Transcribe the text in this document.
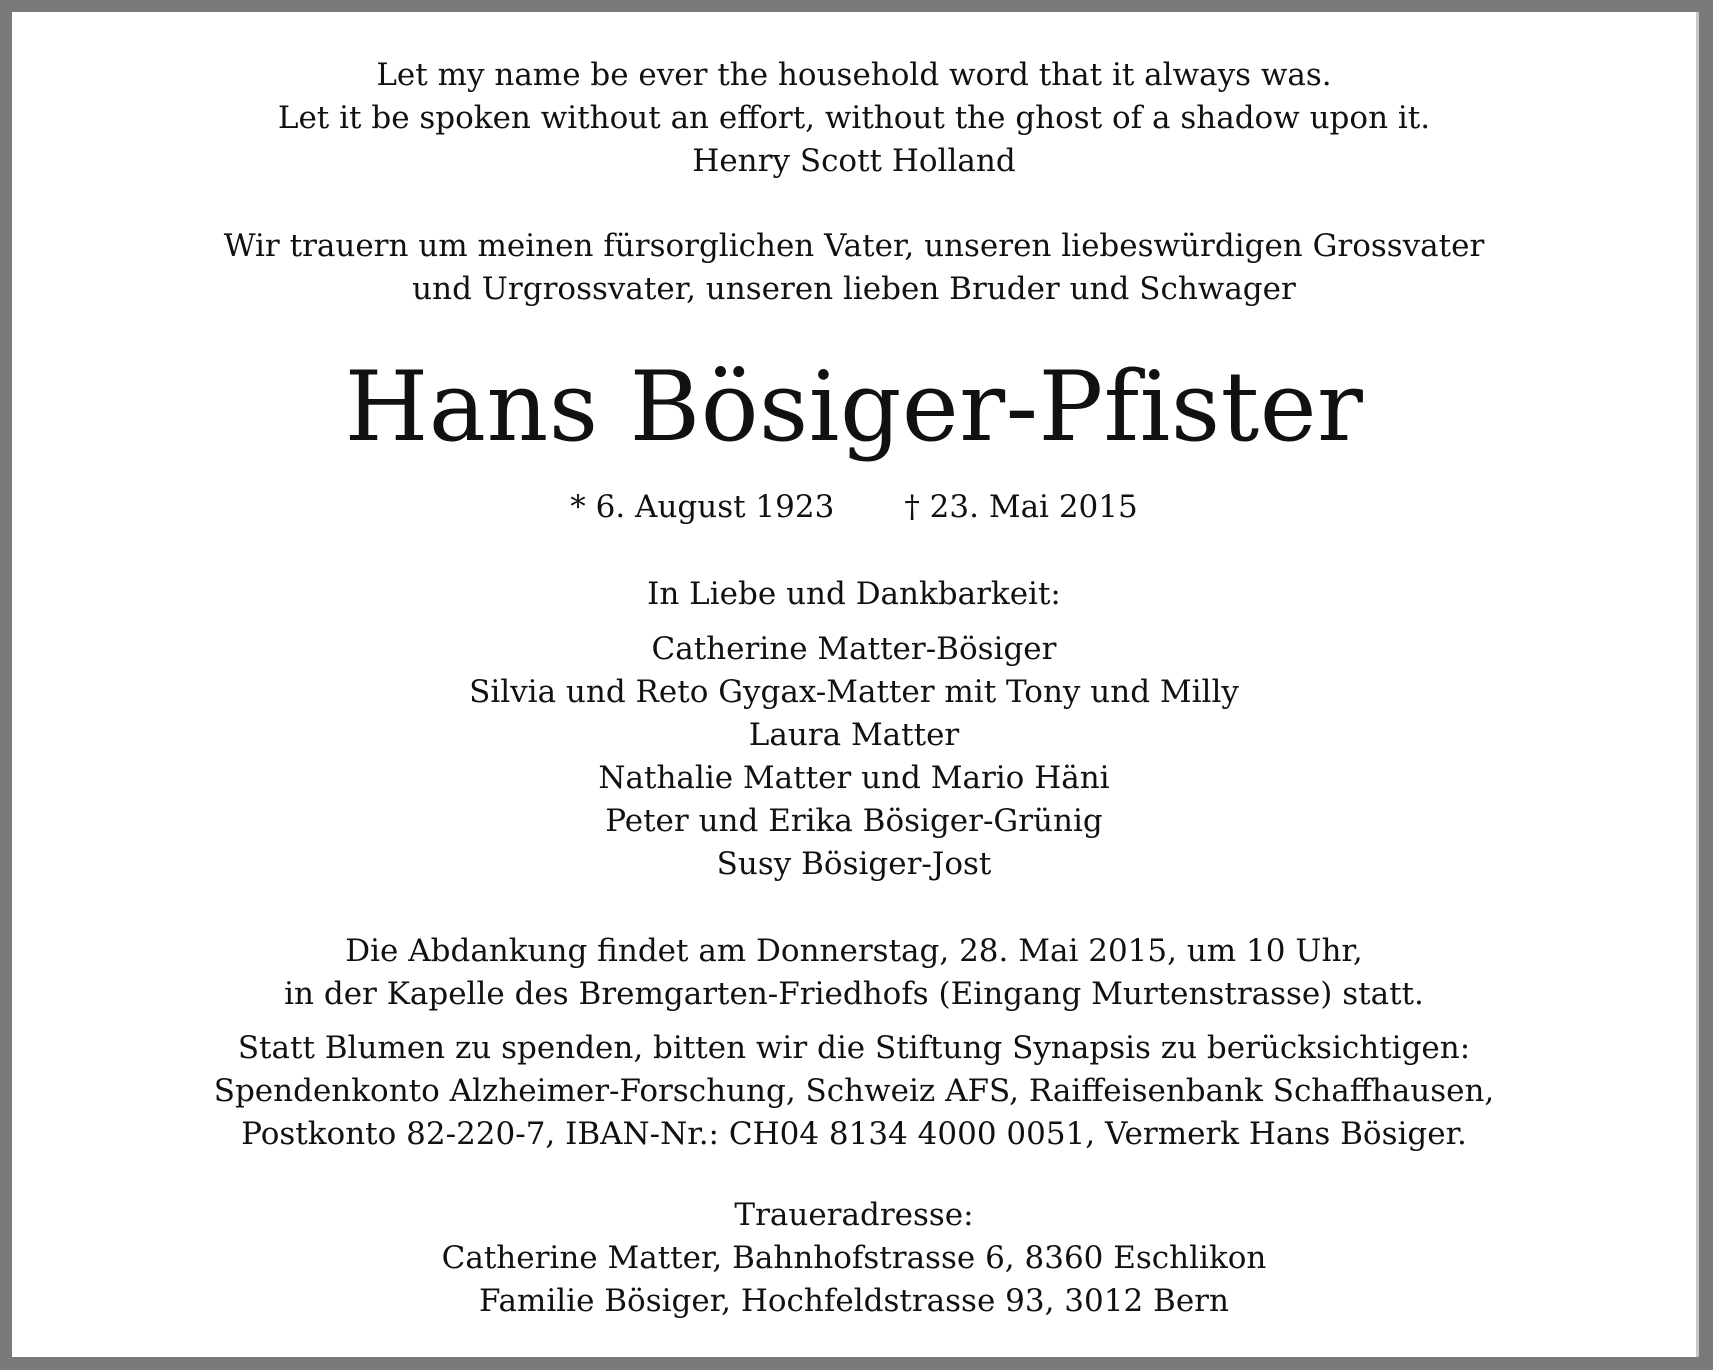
Let my name be ever the household word that it always was.
Let it be spoken without an effort, without the ghost of a shadow upon it.
Henry Scott Holland
Wir trauern um meinen fürsorglichen Vater, unseren liebeswürdigen Grossvater
und Urgrossvater, unseren lieben Bruder und Schwager
Hans Bösiger-Pfister
* 6. August 1923 † 23. Mai 2015
In Liebe und Dankbarkeit:
Catherine Matter-Bösiger
Silvia und Reto Gygax-Matter mit Tony und Milly
Laura Matter
Nathalie Matter und Mario Häni
Peter und Erika Bösiger-Grünig
Susy Bösiger-Jost
Die Abdankung findet am Donnerstag, 28. Mai 2015, um 10 Uhr,
in der Kapelle des Bremgarten-Friedhofs (Eingang Murtenstrasse) statt.
Statt Blumen zu spenden, bitten wir die Stiftung Synapsis zu berücksichtigen:
Spendenkonto Alzheimer-Forschung, Schweiz AFS, Raiffeisenbank Schaffhausen,
Postkonto 82-220-7, IBAN-Nr.: CH04 8134 4000 0051, Vermerk Hans Bösiger.
Traueradresse:
Catherine Matter, Bahnhofstrasse 6, 8360 Eschlikon
Familie Bösiger, Hochfeldstrasse 93, 3012 Bern
